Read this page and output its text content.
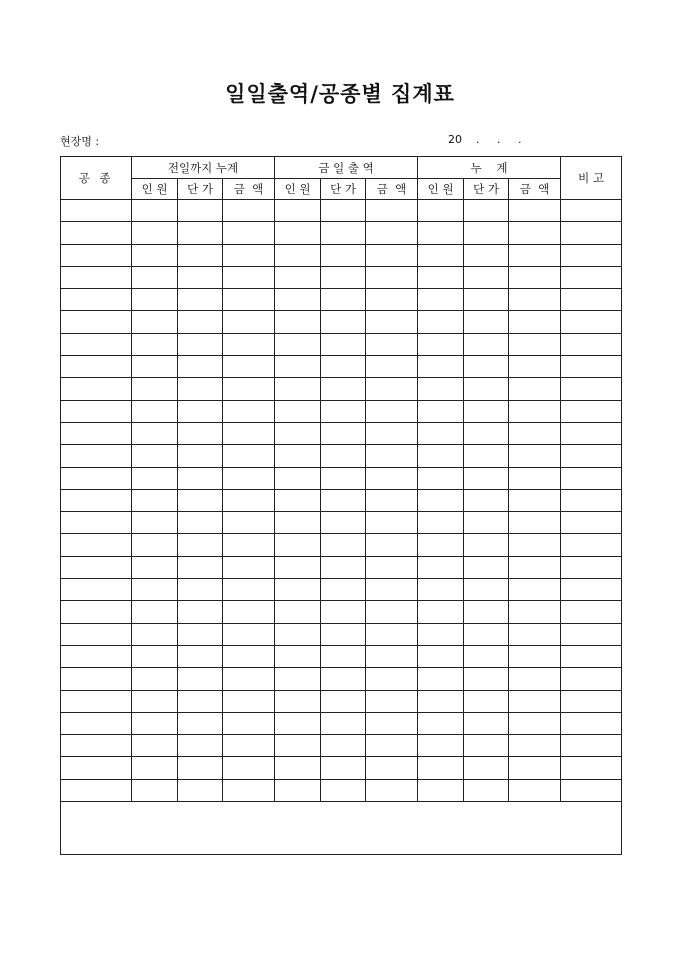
일일출역/공종별 집계표
현장명 :	20    .     .     .
공 종	전일까지 누계			금 일 출 역			누    계			비 고
	인 원	단 가	금  액	인 원	단 가	금  액	인 원	단 가	금  액	
